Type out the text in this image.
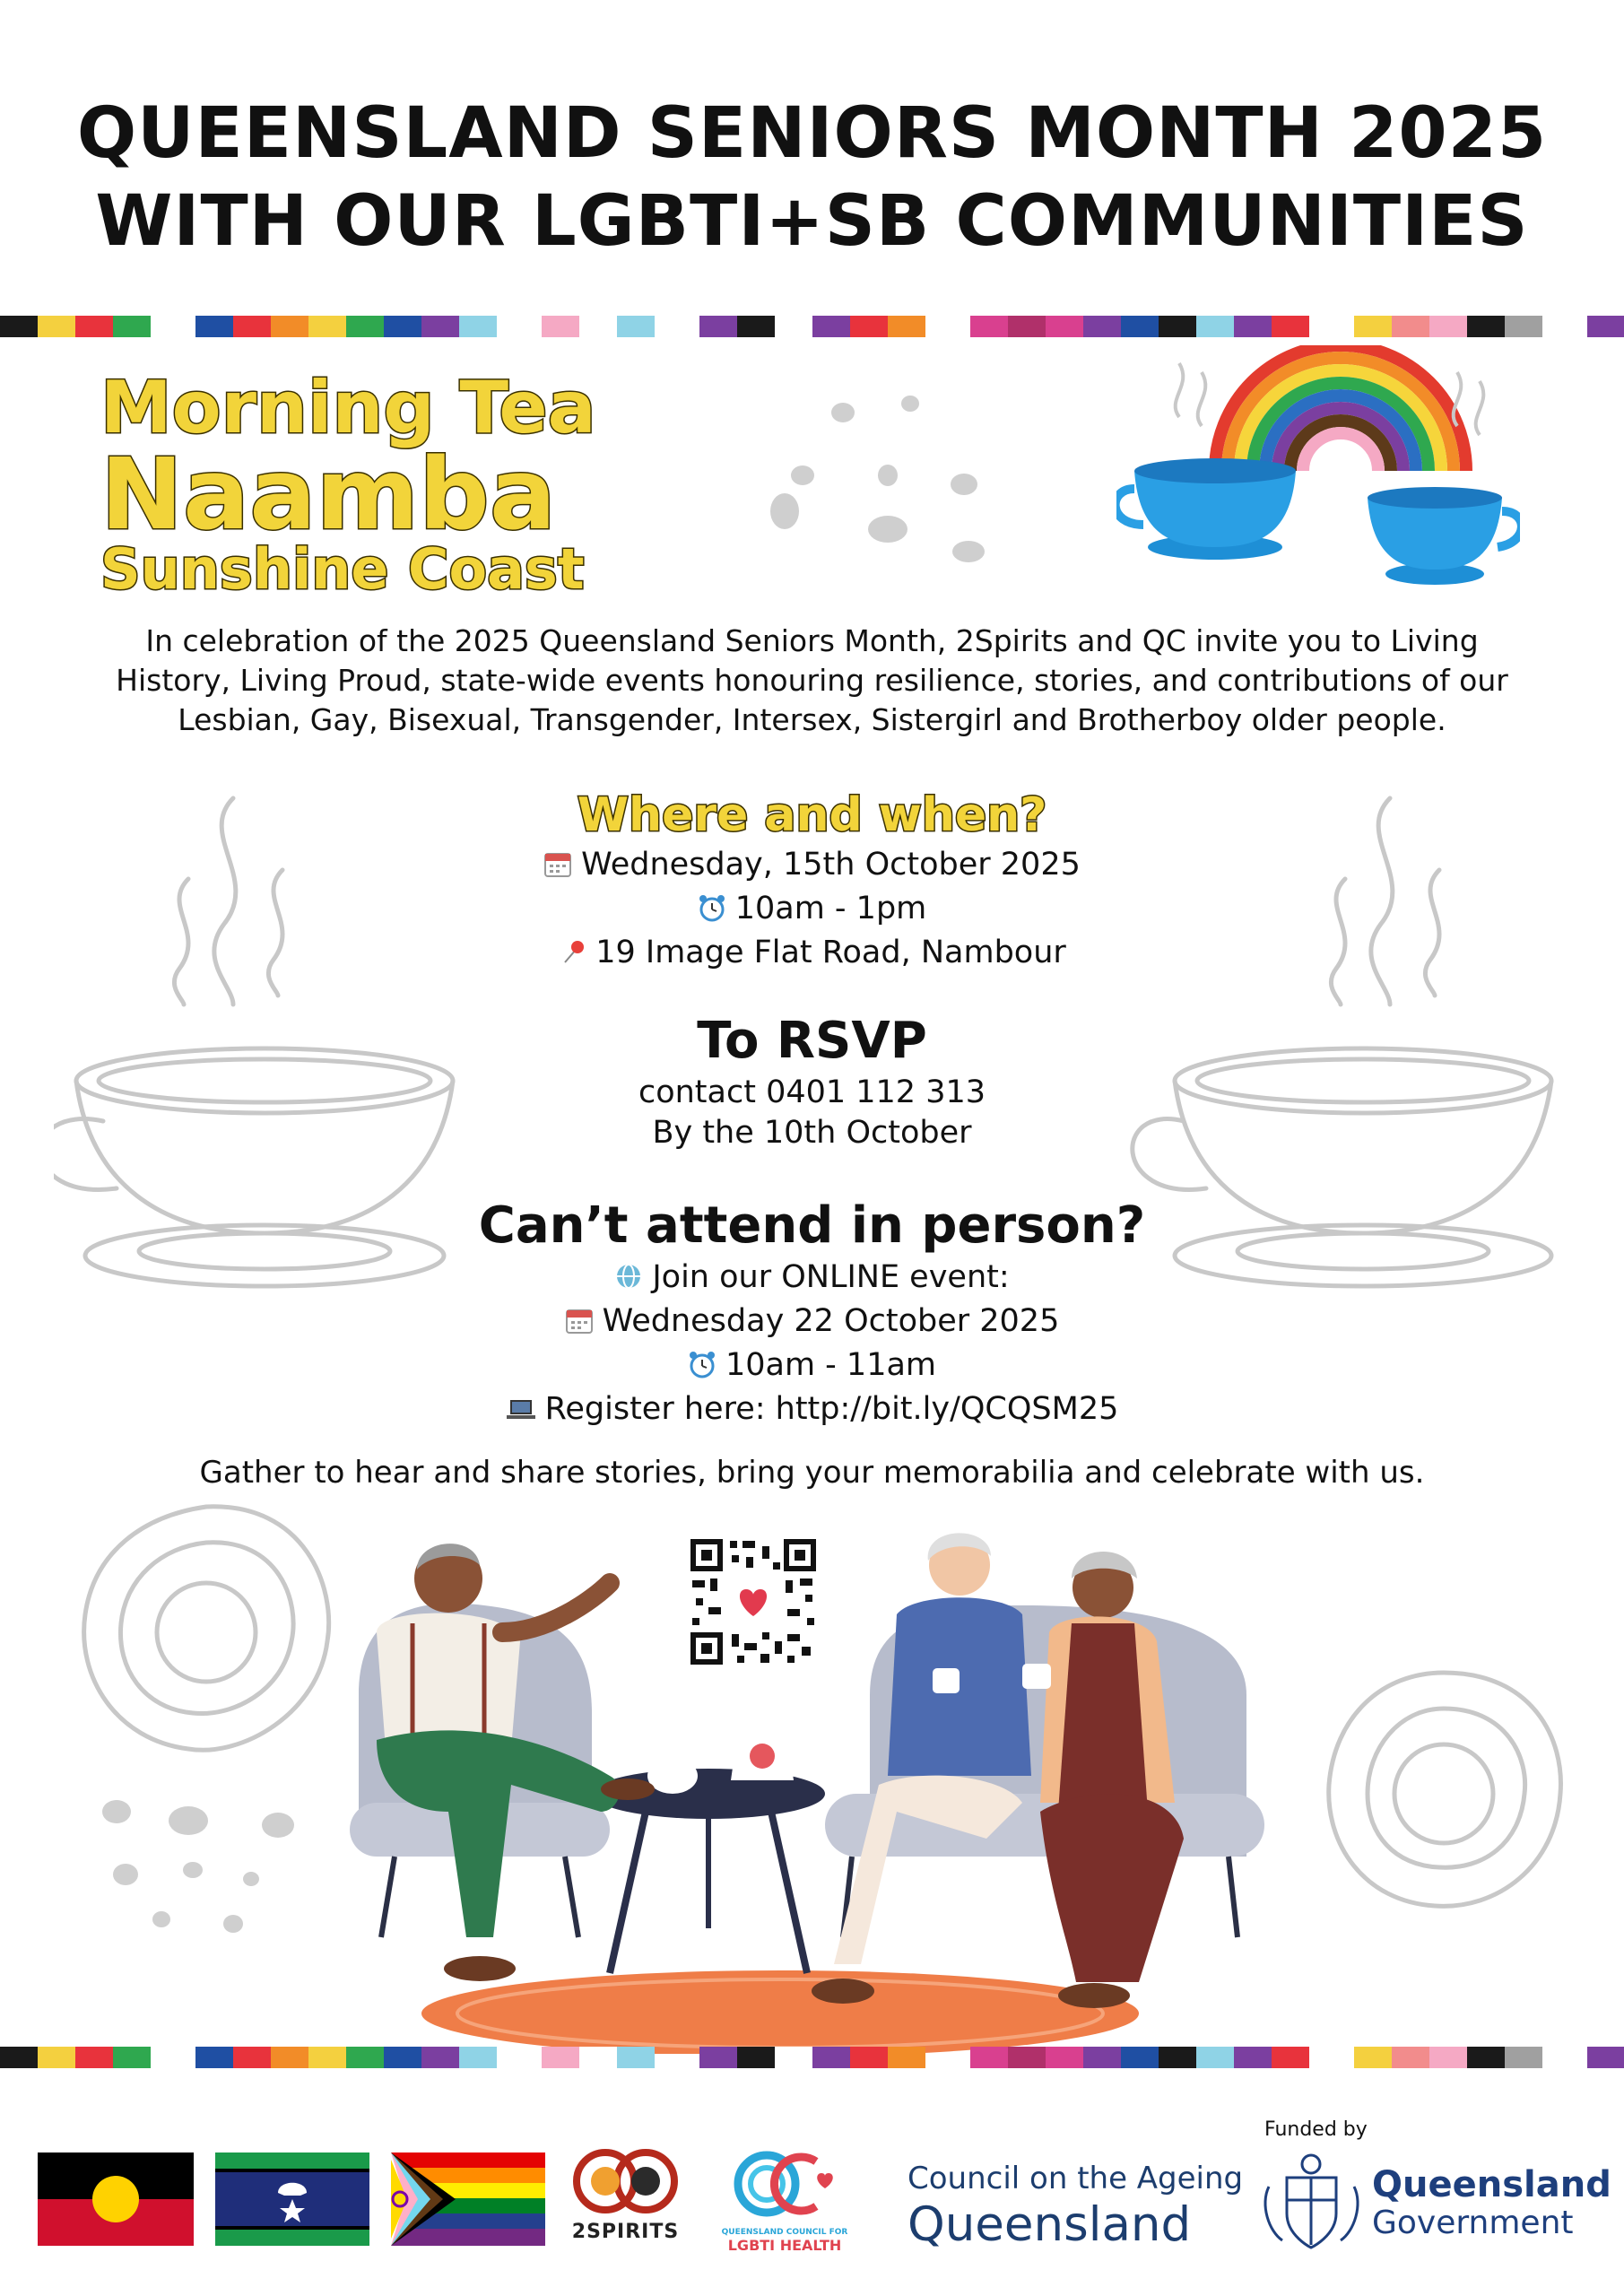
QUEENSLAND SENIORS MONTH 2025
WITH OUR LGBTI+SB COMMUNITIES
Morning Tea
Naamba
Sunshine Coast
In celebration of the 2025 Queensland Seniors Month, 2Spirits and QC invite you to Living
History, Living Proud, state-wide events honouring resilience, stories, and contributions of our
Lesbian, Gay, Bisexual, Transgender, Intersex, Sistergirl and Brotherboy older people.
Where and when?
Wednesday, 15th October 2025
10am - 1pm
19 Image Flat Road, Nambour
To RSVP
contact 0401 112 313
By the 10th October
Can’t attend in person?
Join our ONLINE event:
Wednesday 22 October 2025
10am - 11am
Register here: http://bit.ly/QCQSM25
Gather to hear and share stories, bring your memorabilia and celebrate with us.
2SPIRITS	QUEENSLAND COUNCIL FOR
LGBTI HEALTH
Council on the Ageing
Queensland
Funded by
Queensland
Government
